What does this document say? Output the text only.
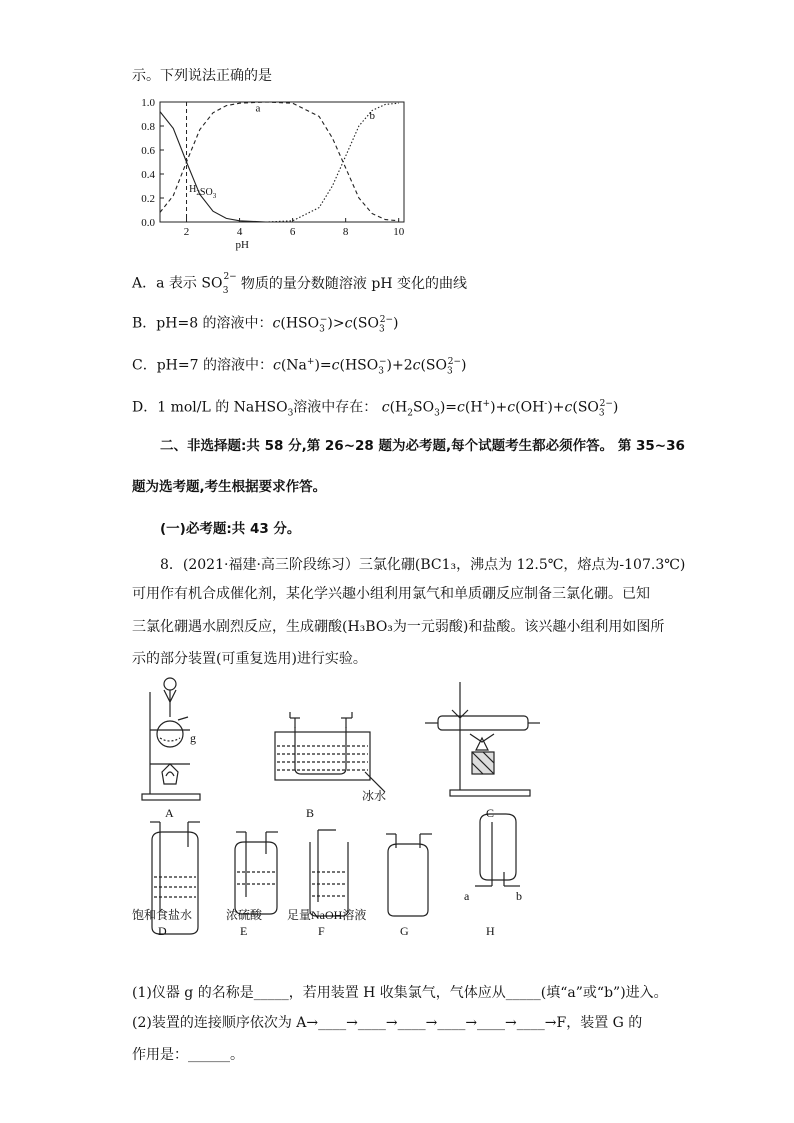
示。下列说法正确的是
0.0
0.2
0.4
0.6
0.8
1.0
2	4	6	8	10
pH
a
b
$H_2SO_3$
A．a 表示 $SO^{2-}_3$ 物质的量分数随溶液 pH 变化的曲线
B．pH=8 的溶液中：$c(HSO_3^-)>c(SO_3^{2-})$
C．pH=7 的溶液中：$c(Na^+)=c(HSO_3^-)+2c(SO_3^{2-})$
D．1 mol/L 的 NaHSO$_3$溶液中存在： $c(H_2SO_3)=c(H^+)+c(OH^-)+c(SO_3^{2-})$
二、非选择题:共 58 分,第 26~28 题为必考题,每个试题考生都必须作答。 第 35~36
题为选考题,考生根据要求作答。
(一)必考题:共 43 分。
8．(2021·福建·高三阶段练习）三氯化硼(BC1₃，沸点为 12.5℃，熔点为-107.3℃)
可用作有机合成催化剂，某化学兴趣小组利用氯气和单质硼反应制备三氯化硼。已知
三氯化硼遇水剧烈反应，生成硼酸(H₃BO₃为一元弱酸)和盐酸。该兴趣小组利用如图所
示的部分装置(可重复选用)进行实验。
g
A	B
冰水
C
饱和食盐水
D
浓硫酸
E
足量NaOH溶液
F	G
a	b
H
(1)仪器 g 的名称是_____，若用装置 H 收集氯气，气体应从_____(填“a”或“b”)进入。
(2)装置的连接顺序依次为 A→____→____→____→____→____→____→F，装置 G 的
作用是：______。
